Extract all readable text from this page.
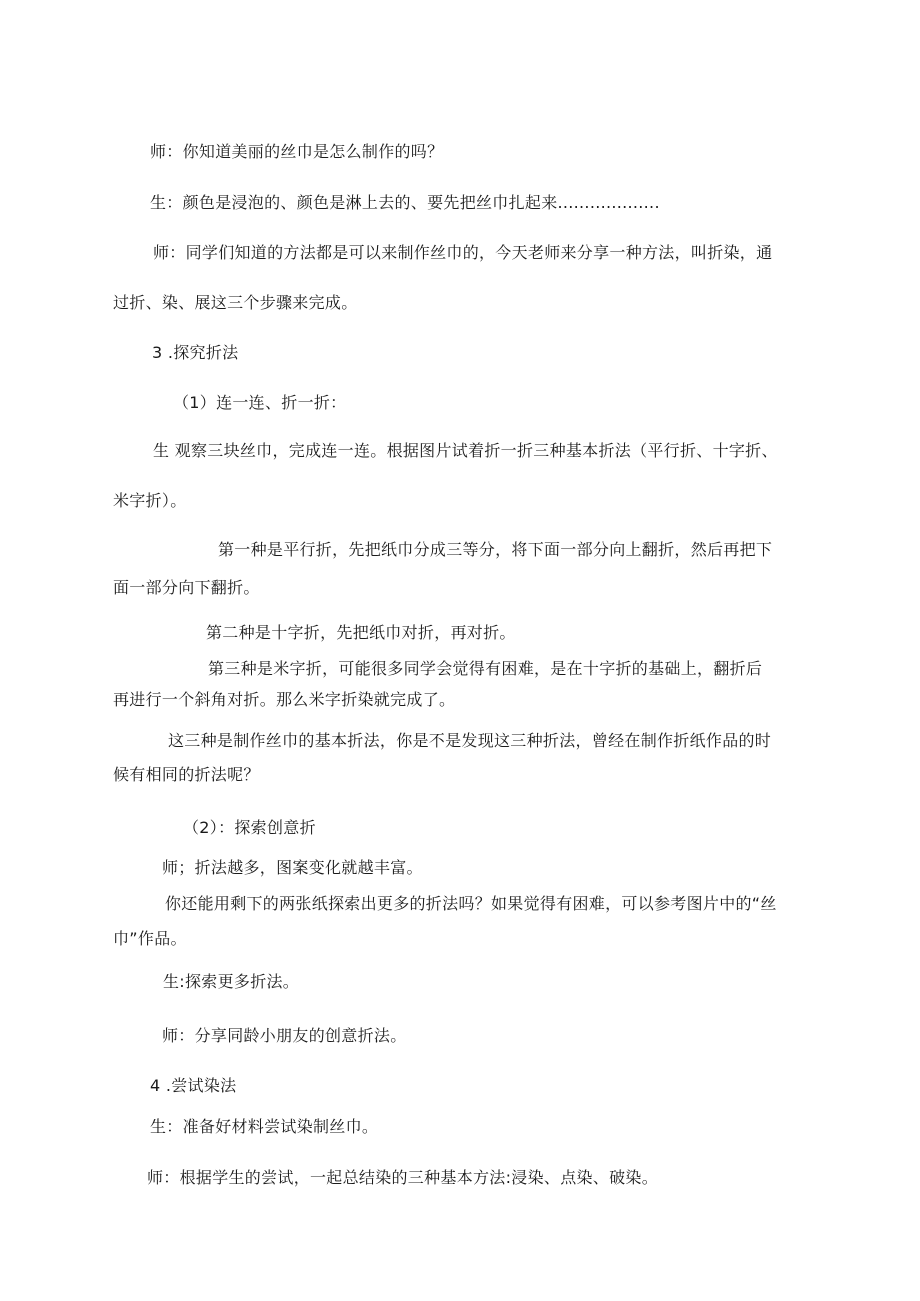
师：你知道美丽的丝巾是怎么制作的吗？
生：颜色是浸泡的、颜色是淋上去的、要先把丝巾扎起来...................
师：同学们知道的方法都是可以来制作丝巾的，今天老师来分享一种方法，叫折染，通
过折、染、展这三个步骤来完成。
3 .探究折法
（1）连一连、折一折：
生 观察三块丝巾，完成连一连。根据图片试着折一折三种基本折法（平行折、十字折、
米字折）。
第一种是平行折，先把纸巾分成三等分，将下面一部分向上翻折，然后再把下
面一部分向下翻折。
第二种是十字折，先把纸巾对折，再对折。
第三种是米字折，可能很多同学会觉得有困难，是在十字折的基础上，翻折后
再进行一个斜角对折。那么米字折染就完成了。
这三种是制作丝巾的基本折法，你是不是发现这三种折法，曾经在制作折纸作品的时
候有相同的折法呢？
（2）：探索创意折
师；折法越多，图案变化就越丰富。
你还能用剩下的两张纸探索出更多的折法吗？如果觉得有困难，可以参考图片中的“丝
巾”作品。
生:探索更多折法。
师：分享同龄小朋友的创意折法。
4 .尝试染法
生：准备好材料尝试染制丝巾。
师：根据学生的尝试，一起总结染的三种基本方法:浸染、点染、破染。
